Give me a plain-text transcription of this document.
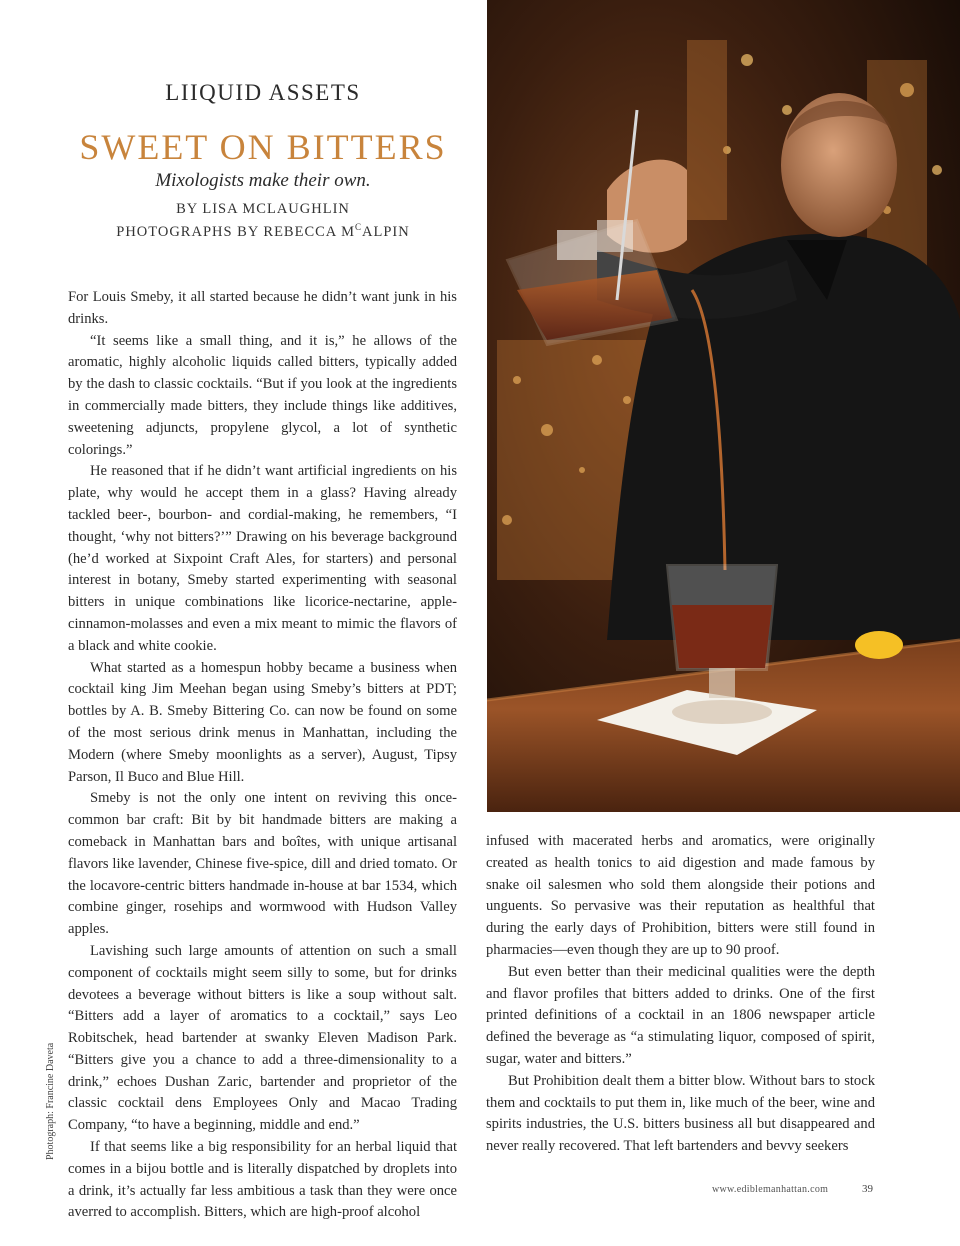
LIIQUID ASSETS
SWEET ON BITTERS
Mixologists make their own.
BY LISA MCLAUGHLIN
PHOTOGRAPHS BY REBECCA $M^CALPIN$

For Louis Smeby, it all started because he didn’t want junk in his drinks.

“It seems like a small thing, and it is,” he allows of the aromatic, highly alcoholic liquids called bitters, typically added by the dash to classic cocktails. “But if you look at the ingredients in commercially made bitters, they include things like additives, sweetening adjuncts, propylene glycol, a lot of synthetic colorings.”

He reasoned that if he didn’t want artificial ingredients on his plate, why would he accept them in a glass? Having already tackled beer-, bourbon- and cordial-making, he remembers, “I thought, ‘why not bitters?’” Drawing on his beverage background (he’d worked at Sixpoint Craft Ales, for starters) and personal interest in botany, Smeby started experimenting with seasonal bitters in unique combinations like licorice-nectarine, apple-cinnamon-molasses and even a mix meant to mimic the flavors of a black and white cookie.

What started as a homespun hobby became a business when cocktail king Jim Meehan began using Smeby’s bitters at PDT; bottles by A. B. Smeby Bittering Co. can now be found on some of the most serious drink menus in Manhattan, including the Modern (where Smeby moonlights as a server), August, Tipsy Parson, Il Buco and Blue Hill.

Smeby is not the only one intent on reviving this once-common bar craft: Bit by bit handmade bitters are making a comeback in Manhattan bars and boîtes, with unique artisanal flavors like lavender, Chinese five-spice, dill and dried tomato. Or the locavore-centric bitters handmade in-house at bar 1534, which combine ginger, rosehips and wormwood with Hudson Valley apples.

Lavishing such large amounts of attention on such a small component of cocktails might seem silly to some, but for drinks devotees a beverage without bitters is like a soup without salt. “Bitters add a layer of aromatics to a cocktail,” says Leo Robitschek, head bartender at swanky Eleven Madison Park. “Bitters give you a chance to add a three-dimensionality to a drink,” echoes Dushan Zaric, bartender and proprietor of the classic cocktail dens Employees Only and Macao Trading Company, “to have a beginning, middle and end.”

If that seems like a big responsibility for an herbal liquid that comes in a bijou bottle and is literally dispatched by droplets into a drink, it’s actually far less ambitious a task than they were once averred to accomplish. Bitters, which are high-proof alcohol

infused with macerated herbs and aromatics, were originally created as health tonics to aid digestion and made famous by snake oil salesmen who sold them alongside their potions and unguents. So pervasive was their reputation as healthful that during the early days of Prohibition, bitters were still found in pharmacies—even though they are up to 90 proof.

But even better than their medicinal qualities were the depth and flavor profiles that bitters added to drinks. One of the first printed definitions of a cocktail in an 1806 newspaper article defined the beverage as “a stimulating liquor, composed of spirit, sugar, water and bitters.”

But Prohibition dealt them a bitter blow. Without bars to stock them and cocktails to put them in, like much of the beer, wine and spirits industries, the U.S. bitters business all but disappeared and never really recovered. That left bartenders and bevvy seekers

Photograph: Francine Daveta
www.ediblemanhattan.com	39
